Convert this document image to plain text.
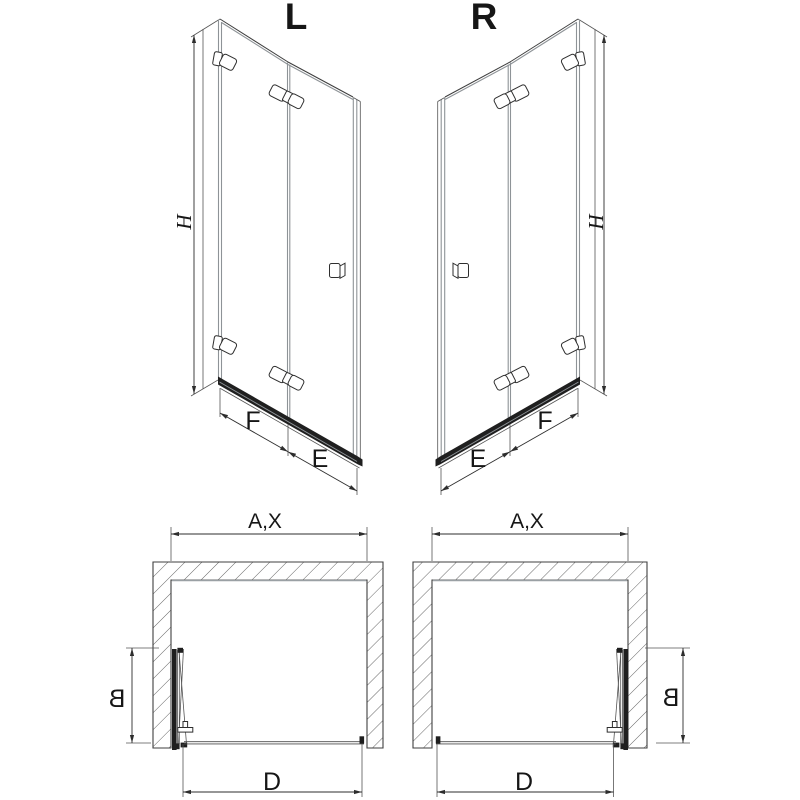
L
H
F
E
R
H
E
F
A,X
B
D
A,X
B
D
